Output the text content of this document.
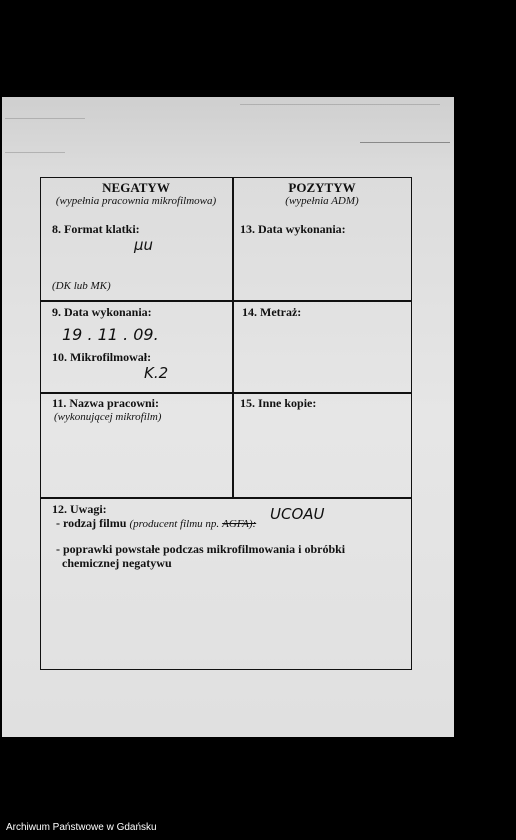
NEGATYW
(wypełnia pracownia mikrofilmowa)
8. Format klatki:
µu
(DK lub MK)
9. Data wykonania:
19 . 11 . 09.
10. Mikrofilmował:
K.2
11. Nazwa pracowni:
(wykonującej mikrofilm)
POZYTYW
(wypełnia ADM)
13. Data wykonania:
14. Metraż:
15. Inne kopie:
12. Uwagi:
- rodzaj filmu (producent filmu np. AGFA):
UCOAU
- poprawki powstałe podczas mikrofilmowania i obróbki
chemicznej negatywu
Archiwum Państwowe w Gdańsku
